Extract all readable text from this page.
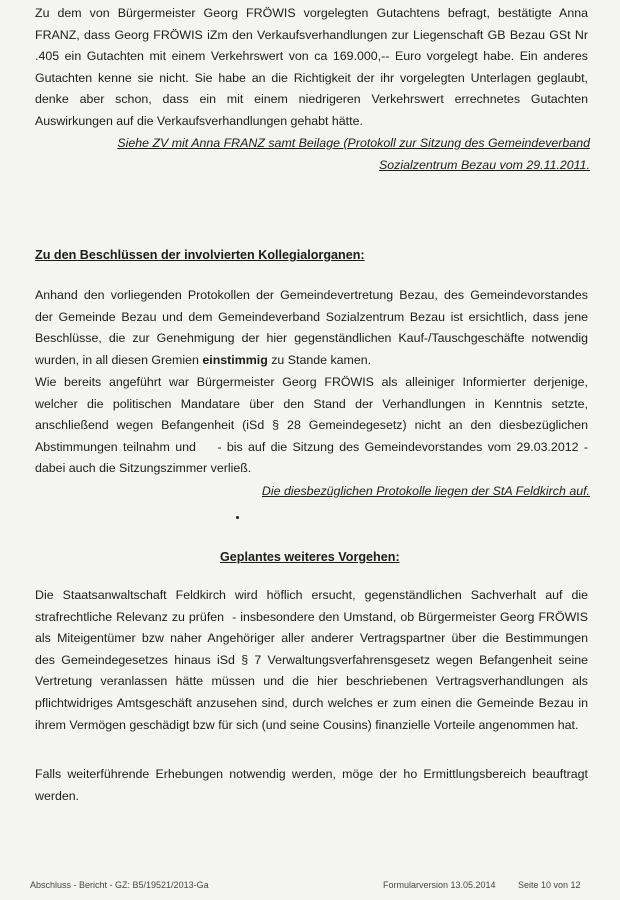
Zu dem von Bürgermeister Georg FRÖWIS vorgelegten Gutachtens befragt, bestätigte Anna
FRANZ, dass Georg FRÖWIS iZm den Verkaufsverhandlungen zur Liegenschaft GB Bezau GSt Nr
.405 ein Gutachten mit einem Verkehrswert von ca 169.000,-- Euro vorgelegt habe. Ein anderes
Gutachten kenne sie nicht. Sie habe an die Richtigkeit der ihr vorgelegten Unterlagen geglaubt,
denke aber schon, dass ein mit einem niedrigeren Verkehrswert errechnetes Gutachten
Auswirkungen auf die Verkaufsverhandlungen gehabt hätte.
Siehe ZV mit Anna FRANZ samt Beilage (Protokoll zur Sitzung des Gemeindeverband
Sozialzentrum Bezau vom 29.11.2011.
Zu den Beschlüssen der involvierten Kollegialorganen:
Anhand den vorliegenden Protokollen der Gemeindevertretung Bezau, des Gemeindevorstandes
der Gemeinde Bezau und dem Gemeindeverband Sozialzentrum Bezau ist ersichtlich, dass jene
Beschlüsse, die zur Genehmigung der hier gegenständlichen Kauf-/Tauschgeschäfte notwendig
wurden, in all diesen Gremien einstimmig zu Stande kamen.
Wie bereits angeführt war Bürgermeister Georg FRÖWIS als alleiniger Informierter derjenige,
welcher die politischen Mandatare über den Stand der Verhandlungen in Kenntnis setzte,
anschließend wegen Befangenheit (iSd § 28 Gemeindegesetz) nicht an den diesbezüglichen
Abstimmungen teilnahm und    - bis auf die Sitzung des Gemeindevorstandes vom 29.03.2012 -
dabei auch die Sitzungszimmer verließ.
Die diesbezüglichen Protokolle liegen der StA Feldkirch auf.
Geplantes weiteres Vorgehen:
Die Staatsanwaltschaft Feldkirch wird höflich ersucht, gegenständlichen Sachverhalt auf die
strafrechtliche Relevanz zu prüfen  - insbesondere den Umstand, ob Bürgermeister Georg FRÖWIS
als Miteigentümer bzw naher Angehöriger aller anderer Vertragspartner über die Bestimmungen
des Gemeindegesetzes hinaus iSd § 7 Verwaltungsverfahrensgesetz wegen Befangenheit seine
Vertretung veranlassen hätte müssen und die hier beschriebenen Vertragsverhandlungen als
pflichtwidriges Amtsgeschäft anzusehen sind, durch welches er zum einen die Gemeinde Bezau in
ihrem Vermögen geschädigt bzw für sich (und seine Cousins) finanzielle Vorteile angenommen hat.
Falls weiterführende Erhebungen notwendig werden, möge der ho Ermittlungsbereich beauftragt
werden.
Abschluss - Bericht - GZ: B5/19521/2013-Ga	Formularversion 13.05.2014 Seite 10 von 12
